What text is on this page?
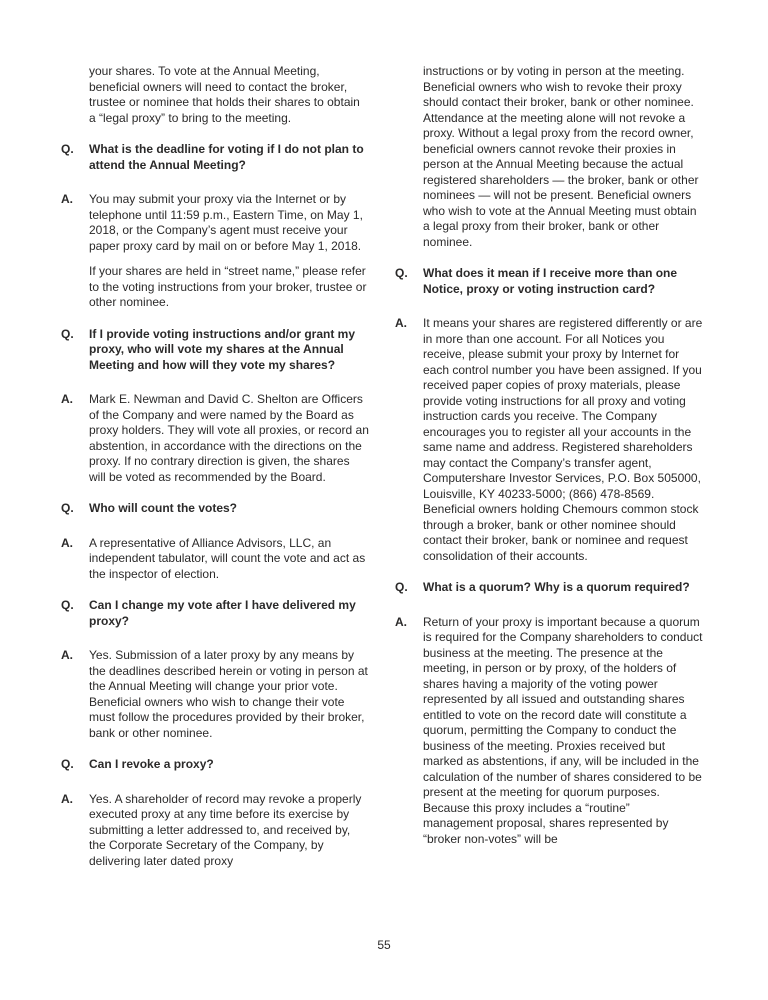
your shares. To vote at the Annual Meeting, beneficial owners will need to contact the broker, trustee or nominee that holds their shares to obtain a “legal proxy” to bring to the meeting.

Q.	What is the deadline for voting if I do not plan to attend the Annual Meeting?

A.	You may submit your proxy via the Internet or by telephone until 11:59 p.m., Eastern Time, on May 1, 2018, or the Company’s agent must receive your paper proxy card by mail on or before May 1, 2018.

If your shares are held in “street name,” please refer to the voting instructions from your broker, trustee or other nominee.

Q.	If I provide voting instructions and/or grant my proxy, who will vote my shares at the Annual Meeting and how will they vote my shares?

A.	Mark E. Newman and David C. Shelton are Officers of the Company and were named by the Board as proxy holders. They will vote all proxies, or record an abstention, in accordance with the directions on the proxy. If no contrary direction is given, the shares will be voted as recommended by the Board.

Q.	Who will count the votes?

A.	A representative of Alliance Advisors, LLC, an independent tabulator, will count the vote and act as the inspector of election.

Q.	Can I change my vote after I have delivered my proxy?

A.	Yes. Submission of a later proxy by any means by the deadlines described herein or voting in person at the Annual Meeting will change your prior vote. Beneficial owners who wish to change their vote must follow the procedures provided by their broker, bank or other nominee.

Q.	Can I revoke a proxy?

A.	Yes. A shareholder of record may revoke a properly executed proxy at any time before its exercise by submitting a letter addressed to, and received by, the Corporate Secretary of the Company, by delivering later dated proxy

instructions or by voting in person at the meeting. Beneficial owners who wish to revoke their proxy should contact their broker, bank or other nominee. Attendance at the meeting alone will not revoke a proxy. Without a legal proxy from the record owner, beneficial owners cannot revoke their proxies in person at the Annual Meeting because the actual registered shareholders — the broker, bank or other nominees — will not be present. Beneficial owners who wish to vote at the Annual Meeting must obtain a legal proxy from their broker, bank or other nominee.

Q.	What does it mean if I receive more than one Notice, proxy or voting instruction card?

A.	It means your shares are registered differently or are in more than one account. For all Notices you receive, please submit your proxy by Internet for each control number you have been assigned. If you received paper copies of proxy materials, please provide voting instructions for all proxy and voting instruction cards you receive. The Company encourages you to register all your accounts in the same name and address. Registered shareholders may contact the Company’s transfer agent, Computershare Investor Services, P.O. Box 505000, Louisville, KY 40233-5000; (866) 478-8569. Beneficial owners holding Chemours common stock through a broker, bank or other nominee should contact their broker, bank or nominee and request consolidation of their accounts.

Q.	What is a quorum? Why is a quorum required?

A.	Return of your proxy is important because a quorum is required for the Company shareholders to conduct business at the meeting. The presence at the meeting, in person or by proxy, of the holders of shares having a majority of the voting power represented by all issued and outstanding shares entitled to vote on the record date will constitute a quorum, permitting the Company to conduct the business of the meeting. Proxies received but marked as abstentions, if any, will be included in the calculation of the number of shares considered to be present at the meeting for quorum purposes. Because this proxy includes a “routine” management proposal, shares represented by “broker non-votes” will be

55
